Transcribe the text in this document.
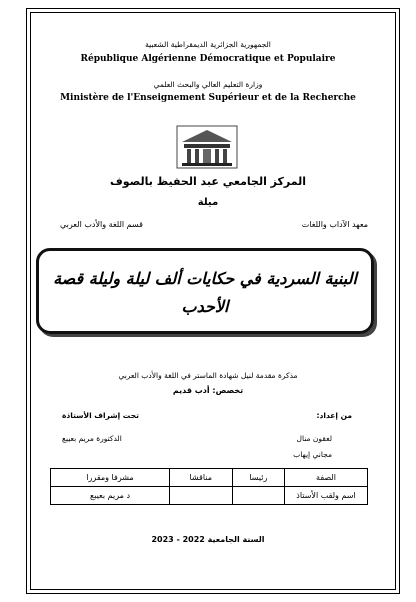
الجمهورية الجزائرية الديمقراطية الشعبية
République Algérienne Démocratique et Populaire
وزارة التعليم العالي والبحث العلمي
Ministère de l'Enseignement Supérieur et de la Recherche
المركز الجامعي عبد الحفيظ بالصوف
ميلة
معهد الآداب واللغات
قسم اللغة والأدب العربي
البنية السردية في حكايات ألف ليلة وليلة قصة الأحدب
مذكرة مقدمة لنيل شهادة الماستر في اللغة والأدب العربي
تخصص: أدب قديم
من إعداد:
تحت إشراف الأستاذة
لعقون منال
الدكتورة مريم بعيبع
مجاني إيهاب
الصفة	رئيسا	مناقشا	مشرفا ومقررا
اسم ولقب الأستاذ			د مريم بعيبع
السنة الجامعية 2022 - 2023
